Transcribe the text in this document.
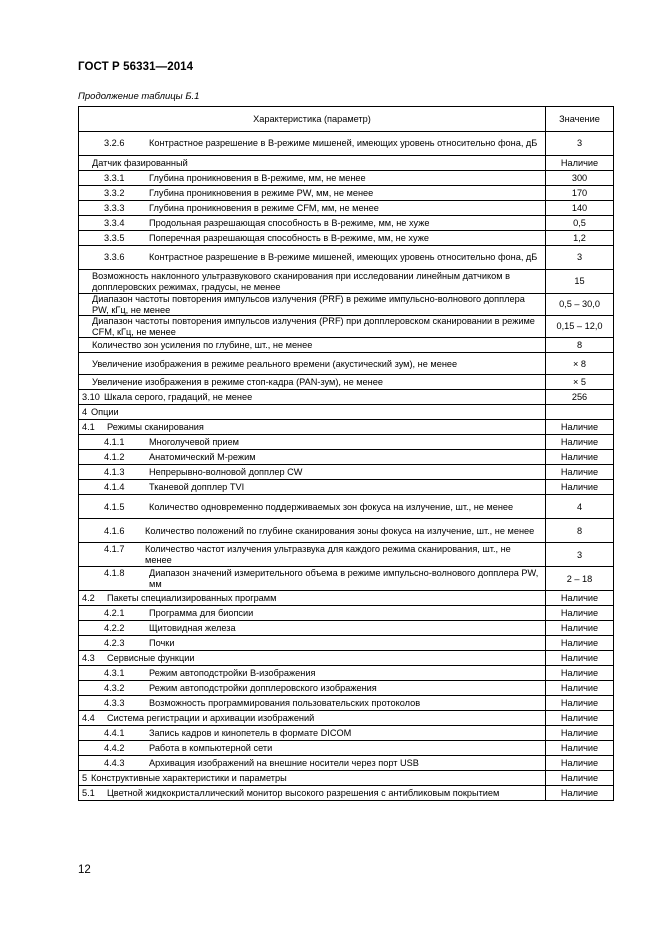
ГОСТ Р 56331—2014
Продолжение таблицы Б.1
Характеристика (параметр)	Значение

3.2.6 Контрастное разрешение в В-режиме мишеней, имеющих уровень относительно фона, дБ	3

Датчик фазированный	Наличие

3.3.1 Глубина проникновения в В-режиме, мм, не менее	300

3.3.2 Глубина проникновения в режиме PW, мм, не менее	170

3.3.3 Глубина проникновения в режиме CFM, мм, не менее	140

3.3.4 Продольная разрешающая способность в В-режиме, мм, не хуже	0,5

3.3.5 Поперечная разрешающая способность в В-режиме, мм, не хуже	1,2

3.3.6 Контрастное разрешение в В-режиме мишеней, имеющих уровень относительно фона, дБ	3

Возможность наклонного ультразвукового сканирования при исследовании линейным датчиком в допплеровских режимах, градусы, не менее	15

Диапазон частоты повторения импульсов излучения (PRF) в режиме импульсно-волнового допплера PW, кГц, не менее	0,5 – 30,0

Диапазон частоты повторения импульсов излучения (PRF) при допплеровском сканировании в режиме CFM, кГц, не менее	0,15 – 12,0

Количество зон усиления по глубине, шт., не менее	8

Увеличение изображения в режиме реального времени (акустический зум), не менее	× 8

Увеличение изображения в режиме стоп-кадра (PAN-зум), не менее	× 5

3.10 Шкала серого, градаций, не менее	256

4 Опции	

4.1 Режимы сканирования	Наличие

4.1.1 Многолучевой прием	Наличие

4.1.2 Анатомический М-режим	Наличие

4.1.3 Непрерывно-волновой допплер CW	Наличие

4.1.4 Тканевой допплер TVI	Наличие

4.1.5 Количество одновременно поддерживаемых зон фокуса на излучение, шт., не менее	4

4.1.6 Количество положений по глубине сканирования зоны фокуса на излучение, шт., не менее	8

4.1.7 Количество частот излучения ультразвука для каждого режима сканирования, шт., не менее	3

4.1.8 Диапазон значений измерительного объема в режиме импульсно-волнового допплера PW, мм	2 – 18

4.2 Пакеты специализированных программ	Наличие

4.2.1 Программа для биопсии	Наличие

4.2.2 Щитовидная железа	Наличие

4.2.3 Почки	Наличие

4.3 Сервисные функции	Наличие

4.3.1 Режим автоподстройки В-изображения	Наличие

4.3.2 Режим автоподстройки допплеровского изображения	Наличие

4.3.3 Возможность программирования пользовательских протоколов	Наличие

4.4 Система регистрации и архивации изображений	Наличие

4.4.1 Запись кадров и кинопетель в формате DICOM	Наличие

4.4.2 Работа в компьютерной сети	Наличие

4.4.3 Архивация изображений на внешние носители через порт USB	Наличие

5 Конструктивные характеристики и параметры	Наличие

5.1 Цветной жидкокристаллический монитор высокого разрешения с антибликовым покрытием	Наличие
12
